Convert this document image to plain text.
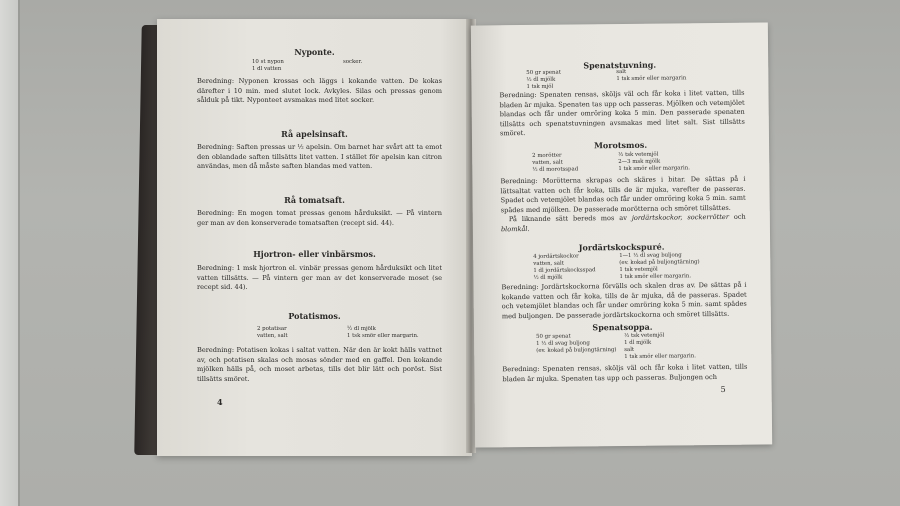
Nyponte.
10 st nypon
1 dl vatten
socker.
Beredning: Nyponen krossas och läggs i kokande vatten. De kokas därefter i 10 min. med slutet lock. Avkyles. Silas och pressas genom sålduk på tikt. Nyponteet avsmakas med litet socker.
Rå apelsinsaft.
Beredning: Saften pressas ur ½ apelsin. Om barnet har svårt att ta emot den oblandade saften tillsätts litet vatten. I stället för apelsin kan citron användas, men då måste saften blandas med vatten.
Rå tomatsaft.
Beredning: En mogen tomat pressas genom hårduksikt. — På vintern ger man av den konserverade tomatsaften (recept sid. 44).
Hjortron- eller vinbärsmos.
Beredning: 1 msk hjortron el. vinbär pressas genom hårduksikt och litet vatten tillsätts. — På vintern ger man av det konserverade moset (se recept sid. 44).
Potatismos.
2 potatisar
vatten, salt
½ dl mjölk
1 tsk smör eller margarin.
Beredning: Potatisen kokas i saltat vatten. När den är kokt hälls vattnet av, och potatisen skalas och mosas sönder med en gaffel. Den kokande mjölken hälls på, och moset arbetas, tills det blir lätt och poröst. Sist tillsätts smöret.
4
Spenatstuvning.
50 gr spenat
½ dl mjölk
1 tsk mjöl
salt
1 tsk smör eller margarin
Beredning: Spenaten rensas, sköljs väl och får koka i litet vatten, tills bladen är mjuka. Spenaten tas upp och passeras. Mjölken och vetemjölet blandas och får under omröring koka 5 min. Den passerade spenaten tillsätts och spenatstuvningen avsmakas med litet salt. Sist tillsätts smöret.
Morotsmos.
2 morötter
vatten, salt
½ dl morotsspad
½ tsk vetemjöl
2—3 msk mjölk
1 tsk smör eller margarin.
Beredning: Morötterna skrapas och skäres i bitar. De sättas på i lättsaltat vatten och får koka, tills de är mjuka, varefter de passeras. Spadet och vetemjölet blandas och får under omröring koka 5 min. samt spädes med mjölken. De passerade morötterna och smöret tillsättes.
På liknande sätt bereds mos av jordärtskockor, sockerrötter och blomkål.
Jordärtskockspuré.
4 jordärtskockor
vatten, salt
1 dl jordärtskocksspad
½ dl mjölk
1—1 ½ dl svag buljong
(ev. kokad på buljongtärning)
1 tsk vetemjöl
1 tsk smör eller margarin.
Beredning: Jordärtskockorna förvälls och skalen dras av. De sättas på i kokande vatten och får koka, tills de är mjuka, då de passeras. Spadet och vetemjölet blandas och får under omröring koka 5 min. samt spädes med buljongen. De passerade jordärtskockorna och smöret tillsätts.
Spenatsoppa.
50 gr spenat
1 ½ dl svag buljong
(ev. kokad på buljongtärning)
½ tsk vetemjöl
1 dl mjölk
salt
1 tsk smör eller margarin.
Beredning: Spenaten rensas, sköljs väl och får koka i litet vatten, tills bladen är mjuka. Spenaten tas upp och passeras. Buljongen och
5
